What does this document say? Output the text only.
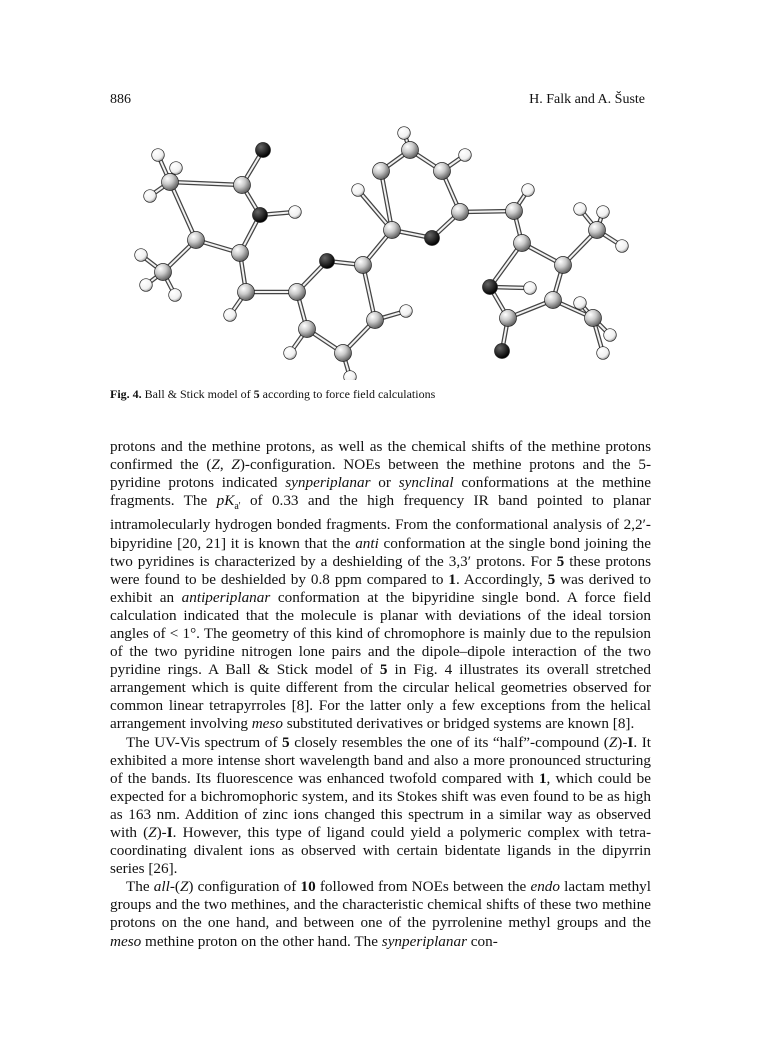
886	H. Falk and A. Šuste
Fig. 4. Ball & Stick model of 5 according to force field calculations

protons and the methine protons, as well as the chemical shifts of the methine protons confirmed the (Z, Z)-configuration. NOEs between the methine protons and the 5-pyridine protons indicated synperiplanar or synclinal conformations at the methine fragments. The $pK_{a'}$ of 0.33 and the high frequency IR band pointed to planar intramolecularly hydrogen bonded fragments. From the conformational analysis of 2,2′-bipyridine [20, 21] it is known that the anti conformation at the single bond joining the two pyridines is characterized by a deshielding of the 3,3′ protons. For 5 these protons were found to be deshielded by 0.8 ppm compared to 1. Accordingly, 5 was derived to exhibit an antiperiplanar conformation at the bipyridine single bond. A force field calculation indicated that the molecule is planar with deviations of the ideal torsion angles of < 1°. The geometry of this kind of chromophore is mainly due to the repulsion of the two pyridine nitrogen lone pairs and the dipole–dipole interaction of the two pyridine rings. A Ball & Stick model of 5 in Fig. 4 illustrates its overall stretched arrangement which is quite different from the circular helical geometries observed for common linear tetrapyrroles [8]. For the latter only a few exceptions from the helical arrangement involving meso substituted derivatives or bridged systems are known [8].

The UV-Vis spectrum of 5 closely resembles the one of its “half”-compound (Z)-I. It exhibited a more intense short wavelength band and also a more pronounced structuring of the bands. Its fluorescence was enhanced twofold compared with 1, which could be expected for a bichromophoric system, and its Stokes shift was even found to be as high as 163 nm. Addition of zinc ions changed this spectrum in a similar way as observed with (Z)-I. However, this type of ligand could yield a polymeric complex with tetra-coordinating divalent ions as observed with certain bidentate ligands in the dipyrrin series [26].

The all-(Z) configuration of 10 followed from NOEs between the endo lactam methyl groups and the two methines, and the characteristic chemical shifts of these two methine protons on the one hand, and between one of the pyrrolenine methyl groups and the meso methine proton on the other hand. The synperiplanar con-
